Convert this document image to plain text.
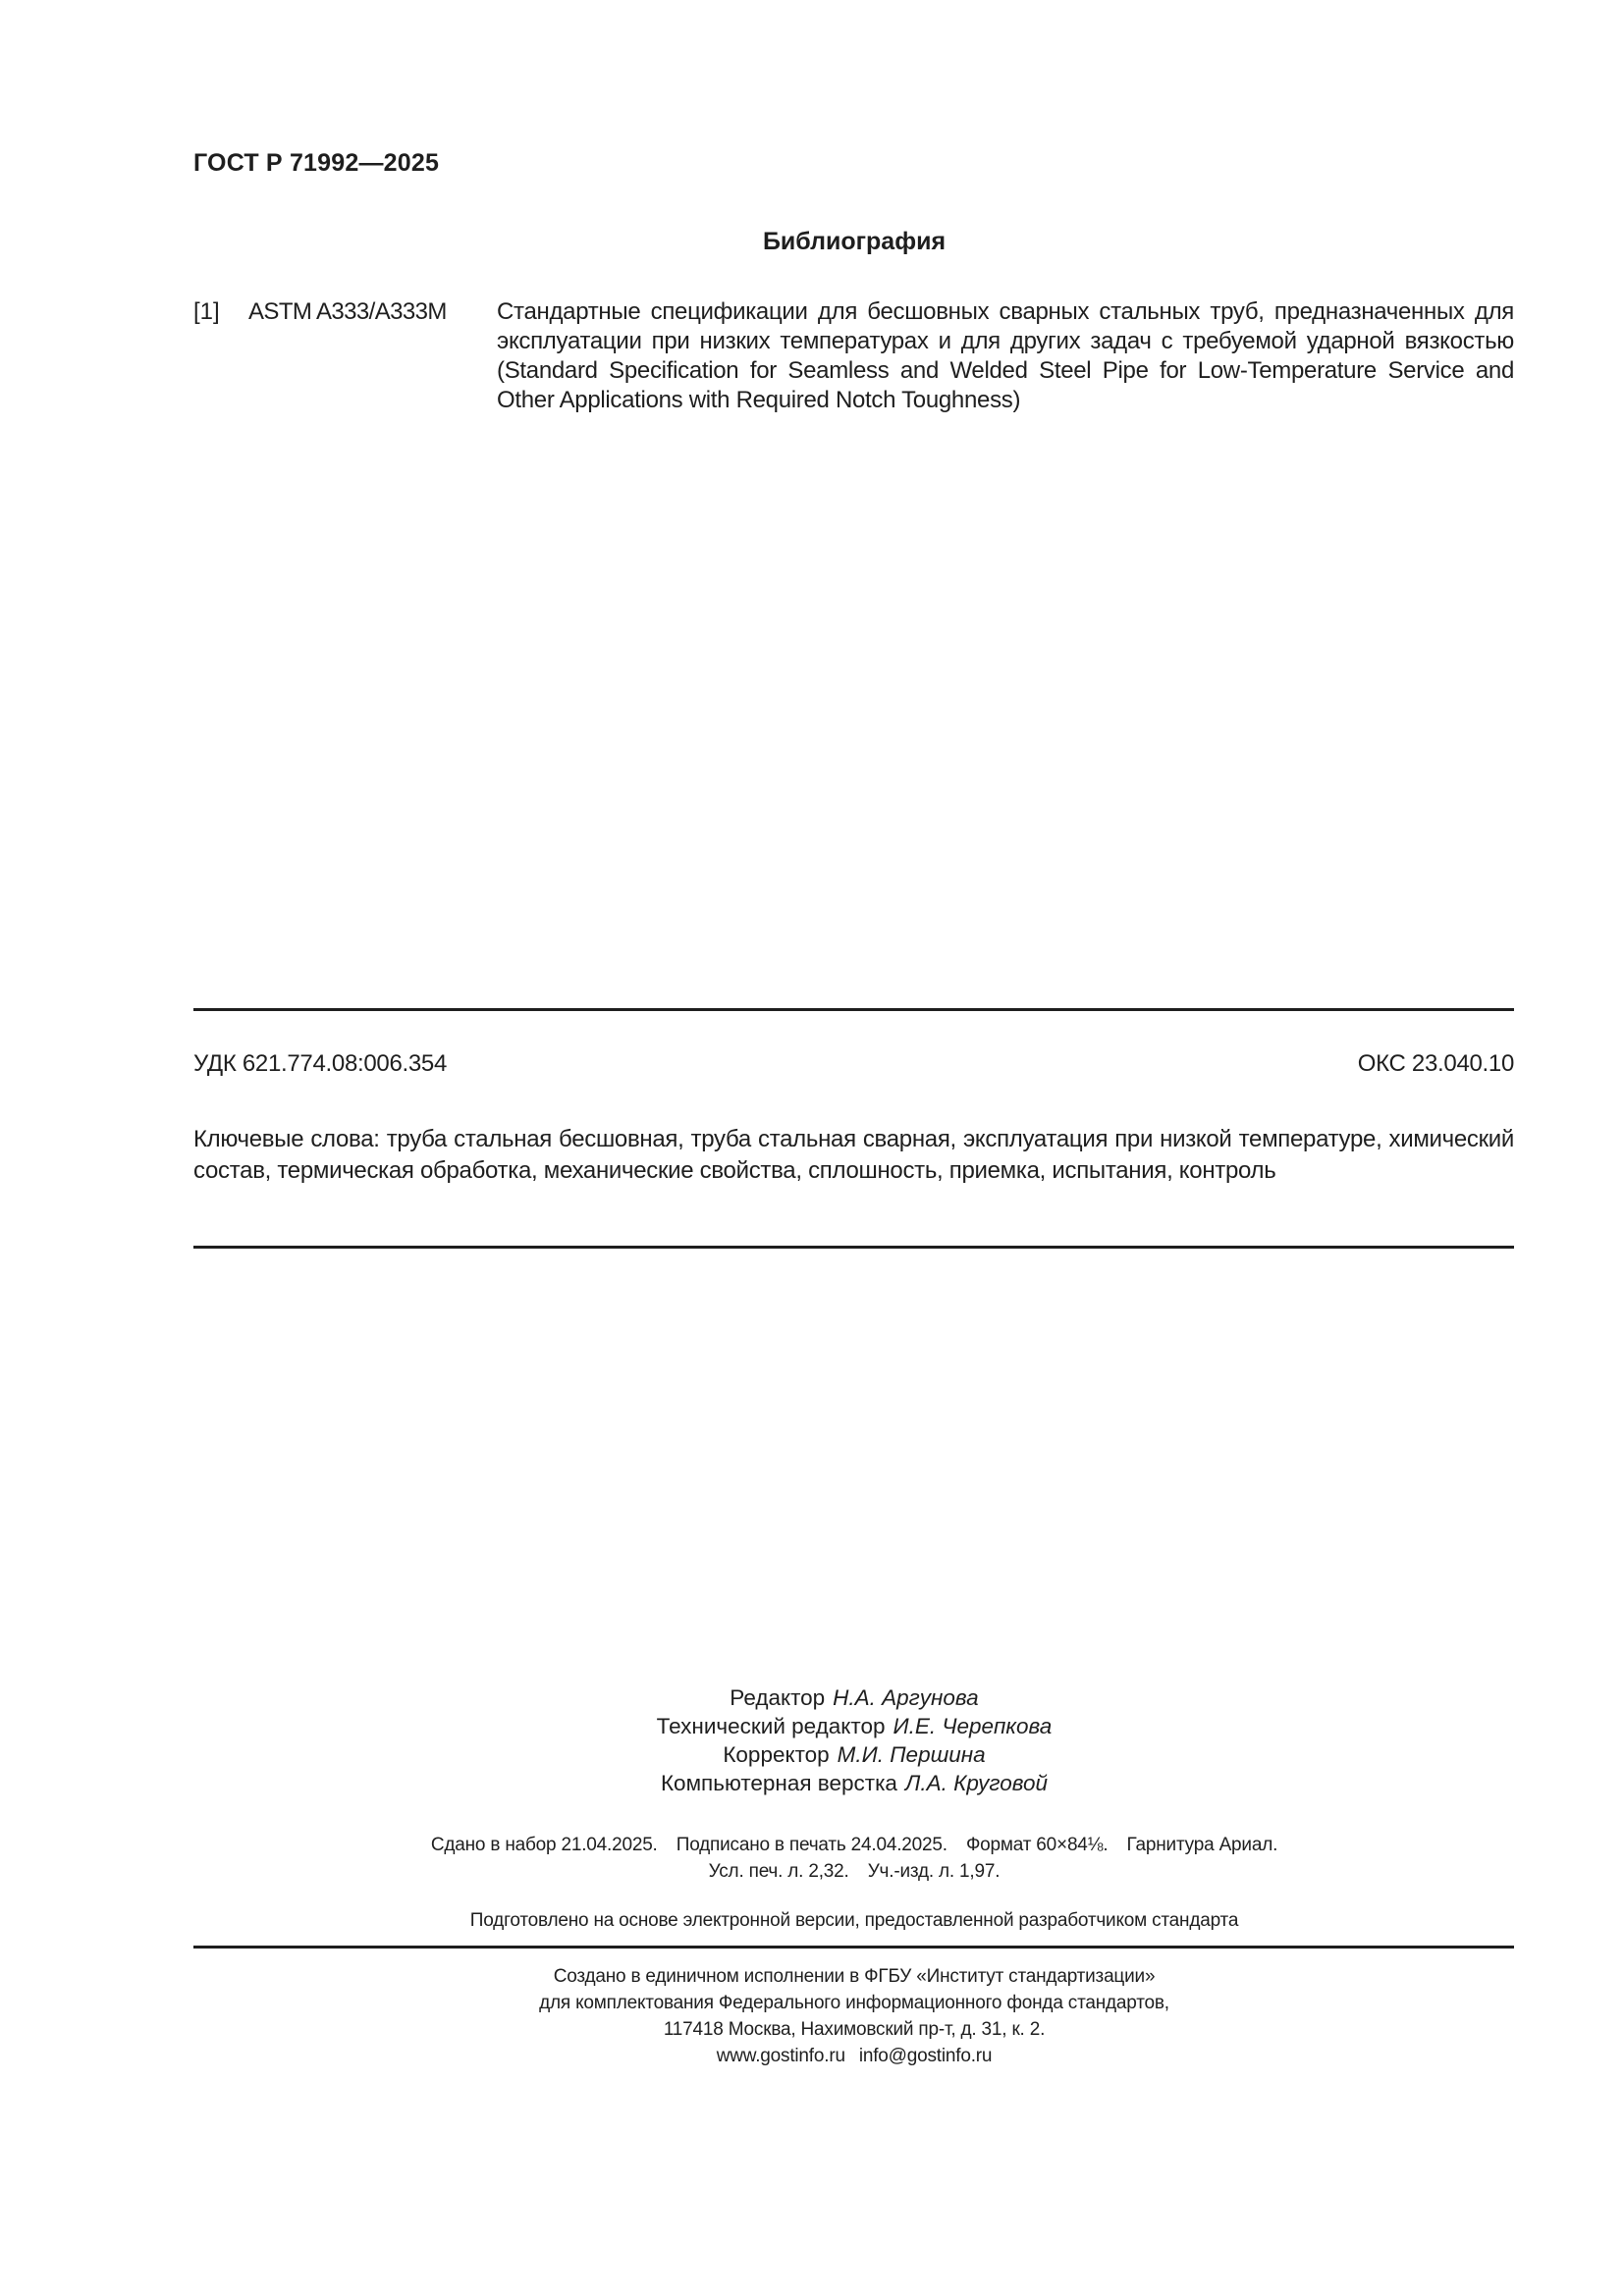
ГОСТ Р 71992—2025
Библиография
[1] ASTM A333/A333M Стандартные спецификации для бесшовных сварных стальных труб, предназначенных для эксплуатации при низких температурах и для других задач с требуемой ударной вязкостью (Standard Specification for Seamless and Welded Steel Pipe for Low-Temperature Service and Other Applications with Required Notch Toughness)
УДК 621.774.08:006.354	ОКС 23.040.10
Ключевые слова: труба стальная бесшовная, труба стальная сварная, эксплуатация при низкой температуре, химический состав, термическая обработка, механические свойства, сплошность, приемка, испытания, контроль
Редактор Н.А. Аргунова
Технический редактор И.Е. Черепкова
Корректор М.И. Першина
Компьютерная верстка Л.А. Круговой
Сдано в набор 21.04.2025. Подписано в печать 24.04.2025. Формат 60×84⅛. Гарнитура Ариал.
Усл. печ. л. 2,32. Уч.-изд. л. 1,97.
Подготовлено на основе электронной версии, предоставленной разработчиком стандарта
Создано в единичном исполнении в ФГБУ «Институт стандартизации»
для комплектования Федерального информационного фонда стандартов,
117418 Москва, Нахимовский пр-т, д. 31, к. 2.
www.gostinfo.ru info@gostinfo.ru
